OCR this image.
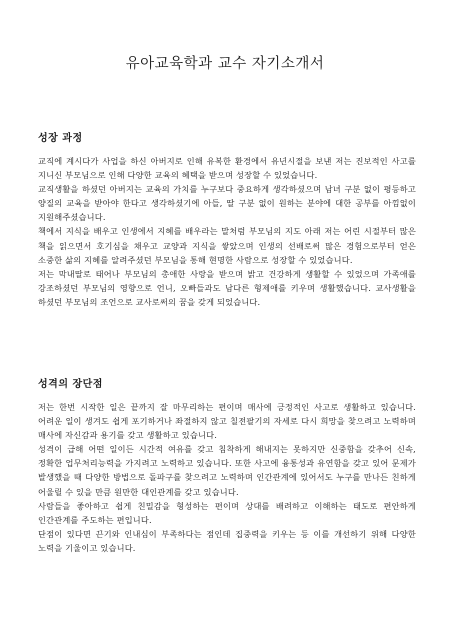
유아교육학과 교수 자기소개서
성장 과정

교직에 계시다가 사업을 하신 아버지로 인해 유복한 환경에서 유년시절을 보낸 저는 진보적인 사고를 지니신 부모님으로 인해 다양한 교육의 혜택을 받으며 성장할 수 있었습니다.

교직생활을 하셨던 아버지는 교육의 가치를 누구보다 중요하게 생각하셨으며 남녀 구분 없이 평등하고 양질의 교육을 받아야 한다고 생각하셨기에 아들, 딸 구분 없이 원하는 분야에 대한 공부를 아낌없이 지원해주셨습니다.

책에서 지식을 배우고 인생에서 지혜를 배우라는 말처럼 부모님의 지도 아래 저는 어린 시절부터 많은 책을 읽으면서 호기심을 채우고 교양과 지식을 쌓았으며 인생의 선배로써 많은 경험으로부터 얻은 소중한 삶의 지혜를 알려주셨던 부모님을 통해 현명한 사람으로 성장할 수 있었습니다.

저는 막내딸로 태어나 부모님의 총애한 사랑을 받으며 밝고 건강하게 생활할 수 있었으며 가족애를 강조하셨던 부모님의 영향으로 언니, 오빠들과도 남다른 형제애를 키우며 생활했습니다. 교사생활을 하셨던 부모님의 조언으로 교사로써의 꿈을 갖게 되었습니다.

성격의 장단점

저는 한번 시작한 일은 끝까지 잘 마무리하는 편이며 매사에 긍정적인 사고로 생활하고 있습니다. 어려운 일이 생겨도 쉽게 포기하거나 좌절하지 않고 칠전팔기의 자세로 다시 희망을 찾으려고 노력하며 매사에 자신감과 용기를 갖고 생활하고 있습니다.

성격이 급해 어떤 일이든 시간적 여유를 갖고 침착하게 해내지는 못하지만 신중함을 갖추어 신속, 정확한 업무처리능력을 가지려고 노력하고 있습니다. 또한 사고에 융통성과 유연함을 갖고 있어 문제가 발생했을 때 다양한 방법으로 돌파구를 찾으려고 노력하며 인간관계에 있어서도 누구를 만나든 친하게 어울릴 수 있을 만큼 원만한 대인관계를 갖고 있습니다.

사람들을 좋아하고 쉽게 친밀감을 형성하는 편이며 상대를 배려하고 이해하는 태도로 편안하게 인간관계를 주도하는 편입니다.

단점이 있다면 끈기와 인내심이 부족하다는 점인데 집중력을 키우는 등 이를 개선하기 위해 다양한 노력을 기울이고 있습니다.
